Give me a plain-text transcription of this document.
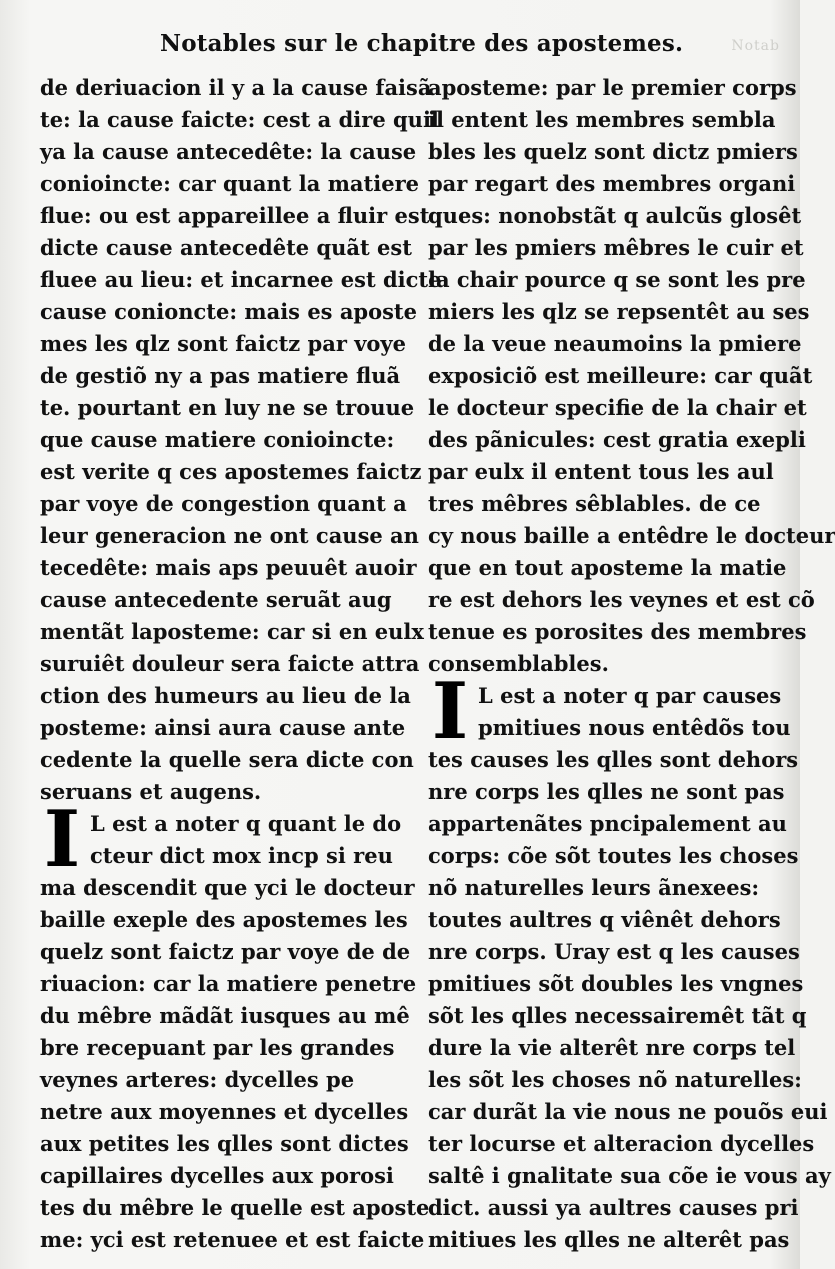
Notab
Notables sur le chapitre des apostemes.
de deriuacion il y a la cause faisã
te: la cause faicte: cest a dire quil
ya la cause antecedête: la cause
conioincte: car quant la matiere
flue: ou est appareillee a fluir est
dicte cause antecedête quãt est
fluee au lieu: et incarnee est dicte
cause conioncte: mais es aposte
mes les qlz sont faictz par voye
de gestiõ ny a pas matiere fluã
te. pourtant en luy ne se trouue
que cause matiere conioincte:
est verite q ces apostemes faictz
par voye de congestion quant a
leur generacion ne ont cause an
tecedête: mais aps peuuêt auoir
cause antecedente seruãt aug
mentãt laposteme: car si en eulx
suruiêt douleur sera faicte attra
ction des humeurs au lieu de la
posteme: ainsi aura cause ante
cedente la quelle sera dicte con
seruans et augens.
I L est a noter q quant le do
cteur dict mox incp si reu
ma descendit que yci le docteur
baille exeple des apostemes les
quelz sont faictz par voye de de
riuacion: car la matiere penetre
du mêbre mãdãt iusques au mê
bre recepuant par les grandes
veynes arteres: dycelles pe
netre aux moyennes et dycelles
aux petites les qlles sont dictes
capillaires dycelles aux porosi
tes du mêbre le quelle est aposte
me: yci est retenuee et est faicte
aposteme: par le premier corps
il entent les membres sembla
bles les quelz sont dictz pmiers
par regart des membres organi
ques: nonobstãt q aulcũs glosêt
par les pmiers mêbres le cuir et
la chair pource q se sont les pre
miers les qlz se repsentêt au ses
de la veue neaumoins la pmiere
exposiciõ est meilleure: car quãt
le docteur specifie de la chair et
des pãnicules: cest gratia exepli
par eulx il entent tous les aul
tres mêbres sêblables. de ce
cy nous baille a entêdre le docteur
que en tout aposteme la matie
re est dehors les veynes et est cõ
tenue es porosites des membres
consemblables.
I L est a noter q par causes
pmitiues nous entêdõs tou
tes causes les qlles sont dehors
nre corps les qlles ne sont pas
appartenãtes pncipalement au
corps: cõe sõt toutes les choses
nõ naturelles leurs ãnexees:
toutes aultres q viênêt dehors
nre corps. Uray est q les causes
pmitiues sõt doubles les vngnes
sõt les qlles necessairemêt tãt q
dure la vie alterêt nre corps tel
les sõt les choses nõ naturelles:
car durãt la vie nous ne pouõs eui
ter locurse et alteracion dycelles
saltê i gnalitate sua cõe ie vous ay
dict. aussi ya aultres causes pri
mitiues les qlles ne alterêt pas
